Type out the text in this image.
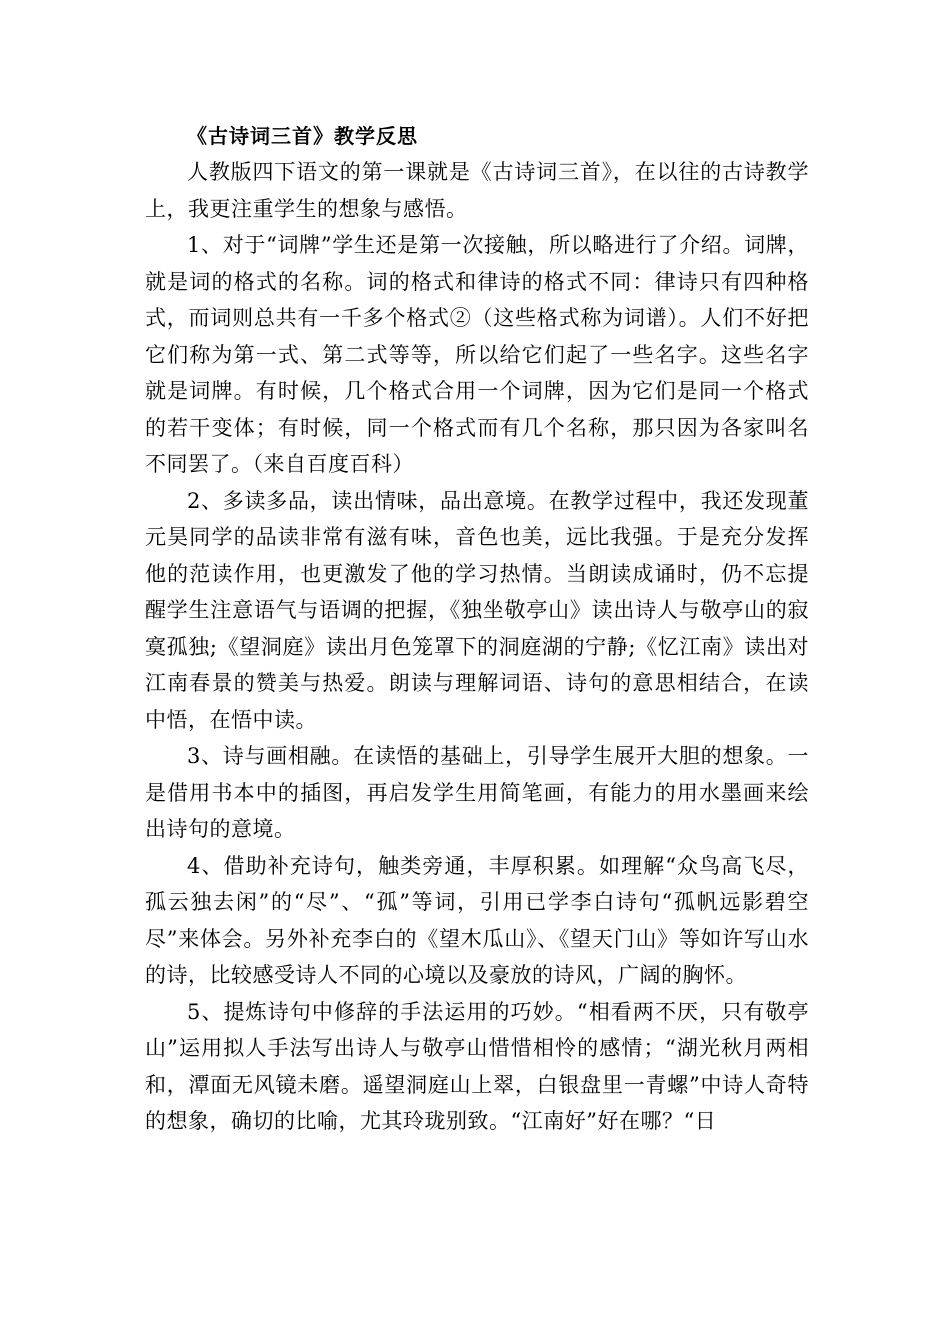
《古诗词三首》教学反思

人教版四下语文的第一课就是《古诗词三首》，在以往的古诗教学上，我更注重学生的想象与感悟。

1、对于“词牌”学生还是第一次接触，所以略进行了介绍。词牌，就是词的格式的名称。词的格式和律诗的格式不同：律诗只有四种格式，而词则总共有一千多个格式②（这些格式称为词谱）。人们不好把它们称为第一式、第二式等等，所以给它们起了一些名字。这些名字就是词牌。有时候，几个格式合用一个词牌，因为它们是同一个格式的若干变体；有时候，同一个格式而有几个名称，那只因为各家叫名不同罢了。（来自百度百科）

2、多读多品，读出情味，品出意境。在教学过程中，我还发现董元昊同学的品读非常有滋有味，音色也美，远比我强。于是充分发挥他的范读作用，也更激发了他的学习热情。当朗读成诵时，仍不忘提醒学生注意语气与语调的把握，《独坐敬亭山》读出诗人与敬亭山的寂寞孤独;《望洞庭》读出月色笼罩下的洞庭湖的宁静;《忆江南》读出对江南春景的赞美与热爱。朗读与理解词语、诗句的意思相结合，在读中悟，在悟中读。

3、诗与画相融。在读悟的基础上，引导学生展开大胆的想象。一是借用书本中的插图，再启发学生用简笔画，有能力的用水墨画来绘出诗句的意境。

4、借助补充诗句，触类旁通，丰厚积累。如理解“众鸟高飞尽，孤云独去闲”的“尽”、“孤”等词，引用已学李白诗句“孤帆远影碧空尽”来体会。另外补充李白的《望木瓜山》、《望天门山》等如许写山水的诗，比较感受诗人不同的心境以及豪放的诗风，广阔的胸怀。

5、提炼诗句中修辞的手法运用的巧妙。“相看两不厌，只有敬亭山”运用拟人手法写出诗人与敬亭山惜惜相怜的感情；“湖光秋月两相和，潭面无风镜未磨。遥望洞庭山上翠，白银盘里一青螺”中诗人奇特的想象，确切的比喻，尤其玲珑别致。“江南好”好在哪？“日
